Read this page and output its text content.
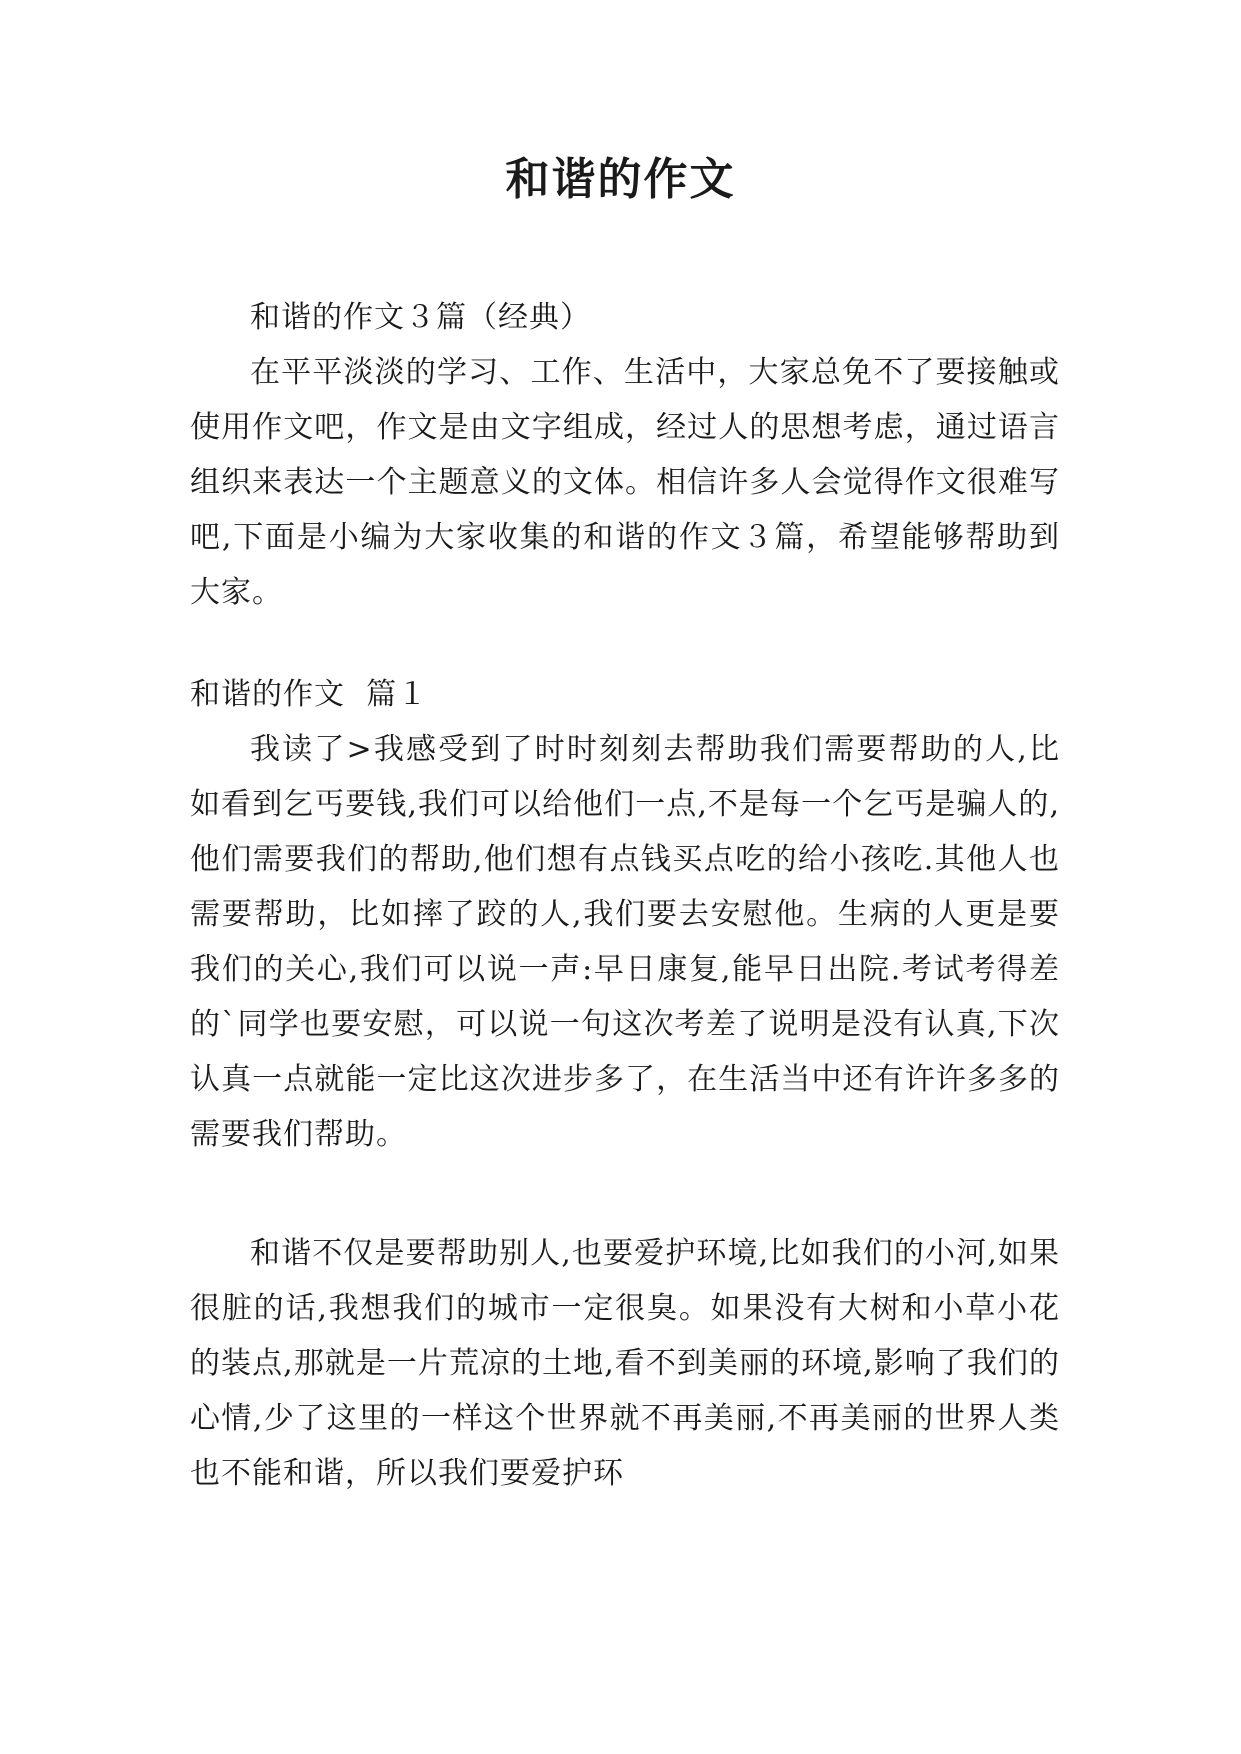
和谐的作文

和谐的作文３篇（经典）

在平平淡淡的学习、工作、生活中，大家总免不了要接触或使用作文吧，作文是由文字组成，经过人的思想考虑，通过语言组织来表达一个主题意义的文体。相信许多人会觉得作文很难写吧,下面是小编为大家收集的和谐的作文３篇，希望能够帮助到大家。

和谐的作文  篇１

我读了>我感受到了时时刻刻去帮助我们需要帮助的人,比如看到乞丐要钱,我们可以给他们一点,不是每一个乞丐是骗人的,他们需要我们的帮助,他们想有点钱买点吃的给小孩吃.其他人也需要帮助，比如摔了跤的人,我们要去安慰他。生病的人更是要我们的关心,我们可以说一声:早日康复,能早日出院.考试考得差的`同学也要安慰，可以说一句这次考差了说明是没有认真,下次认真一点就能一定比这次进步多了，在生活当中还有许许多多的需要我们帮助。

和谐不仅是要帮助别人,也要爱护环境,比如我们的小河,如果很脏的话,我想我们的城市一定很臭。如果没有大树和小草小花的装点,那就是一片荒凉的土地,看不到美丽的环境,影响了我们的心情,少了这里的一样这个世界就不再美丽,不再美丽的世界人类也不能和谐，所以我们要爱护环
